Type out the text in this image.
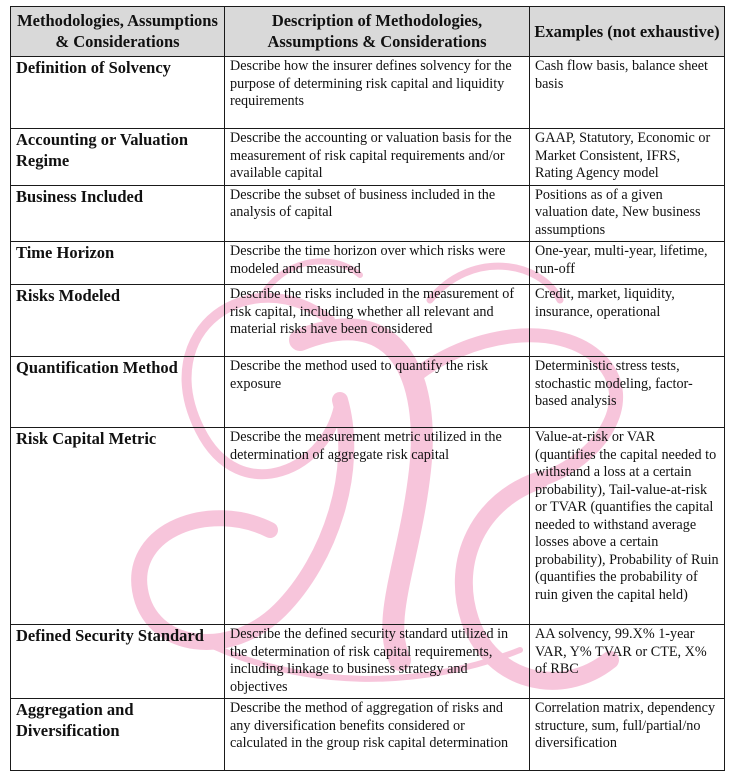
Methodologies, Assumptions & Considerations	Description of Methodologies, Assumptions & Considerations	Examples (not exhaustive)
Definition of Solvency	Describe how the insurer defines solvency for the purpose of determining risk capital and liquidity requirements	Cash flow basis, balance sheet basis
Accounting or Valuation Regime	Describe the accounting or valuation basis for the measurement of risk capital requirements and/or available capital	GAAP, Statutory, Economic or Market Consistent, IFRS, Rating Agency model
Business Included	Describe the subset of business included in the analysis of capital	Positions as of a given valuation date, New business assumptions
Time Horizon	Describe the time horizon over which risks were modeled and measured	One-year, multi-year, lifetime, run-off
Risks Modeled	Describe the risks included in the measurement of risk capital, including whether all relevant and material risks have been considered	Credit, market, liquidity, insurance, operational
Quantification Method	Describe the method used to quantify the risk exposure	Deterministic stress tests, stochastic modeling, factor-based analysis
Risk Capital Metric	Describe the measurement metric utilized in the determination of aggregate risk capital	Value-at-risk or VAR (quantifies the capital needed to withstand a loss at a certain probability), Tail-value-at-risk or TVAR (quantifies the capital needed to withstand average losses above a certain probability), Probability of Ruin (quantifies the probability of ruin given the capital held)
Defined Security Standard	Describe the defined security standard utilized in the determination of risk capital requirements, including linkage to business strategy and objectives	AA solvency, 99.X% 1-year VAR, Y% TVAR or CTE, X% of RBC
Aggregation and Diversification	Describe the method of aggregation of risks and any diversification benefits considered or calculated in the group risk capital determination	Correlation matrix, dependency structure, sum, full/partial/no diversification
